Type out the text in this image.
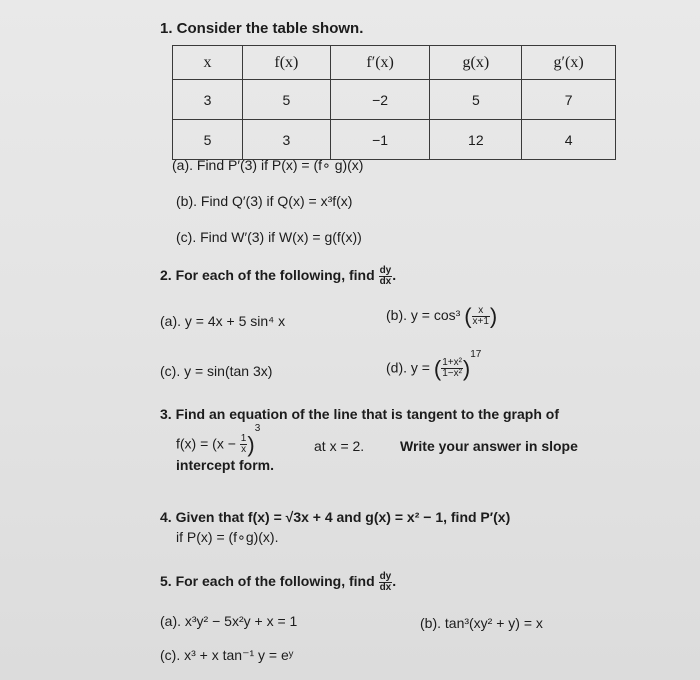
1. Consider the table shown.
x	f(x)	f′(x)	g(x)	g′(x)
3	5	−2	5	7
5	3	−1	12	4
(a). Find P′(3) if P(x) = (f∘ g)(x)
(b). Find Q′(3) if Q(x) = x³f(x)
(c). Find W′(3) if W(x) = g(f(x))
2. For each of the following, find $\frac{dy}{dx}$ .
(a). y = 4x + 5 sin⁴ x	(b). y = cos³ ( $\frac{x}{x+1}$ )
(c). y = sin(tan 3x)	(d). y = ( $\frac{\text{1+x²}}{\text{1−x²}} )^{17}$
3. Find an equation of the line that is tangent to the graph of
$f(x) = (x - \frac{1}{x} )^3$
at x = 2.	Write your answer in slope
intercept form.
4. Given that f(x) = √3x + 4 and g(x) = x² − 1, find P′(x)
if P(x) = (f∘g)(x).
5. For each of the following, find $\frac{dy}{dx}$ .
(a). x³y² − 5x²y + x = 1	(b). tan³(xy² + y) = x
(c). x³ + x tan⁻¹ y = eʸ
